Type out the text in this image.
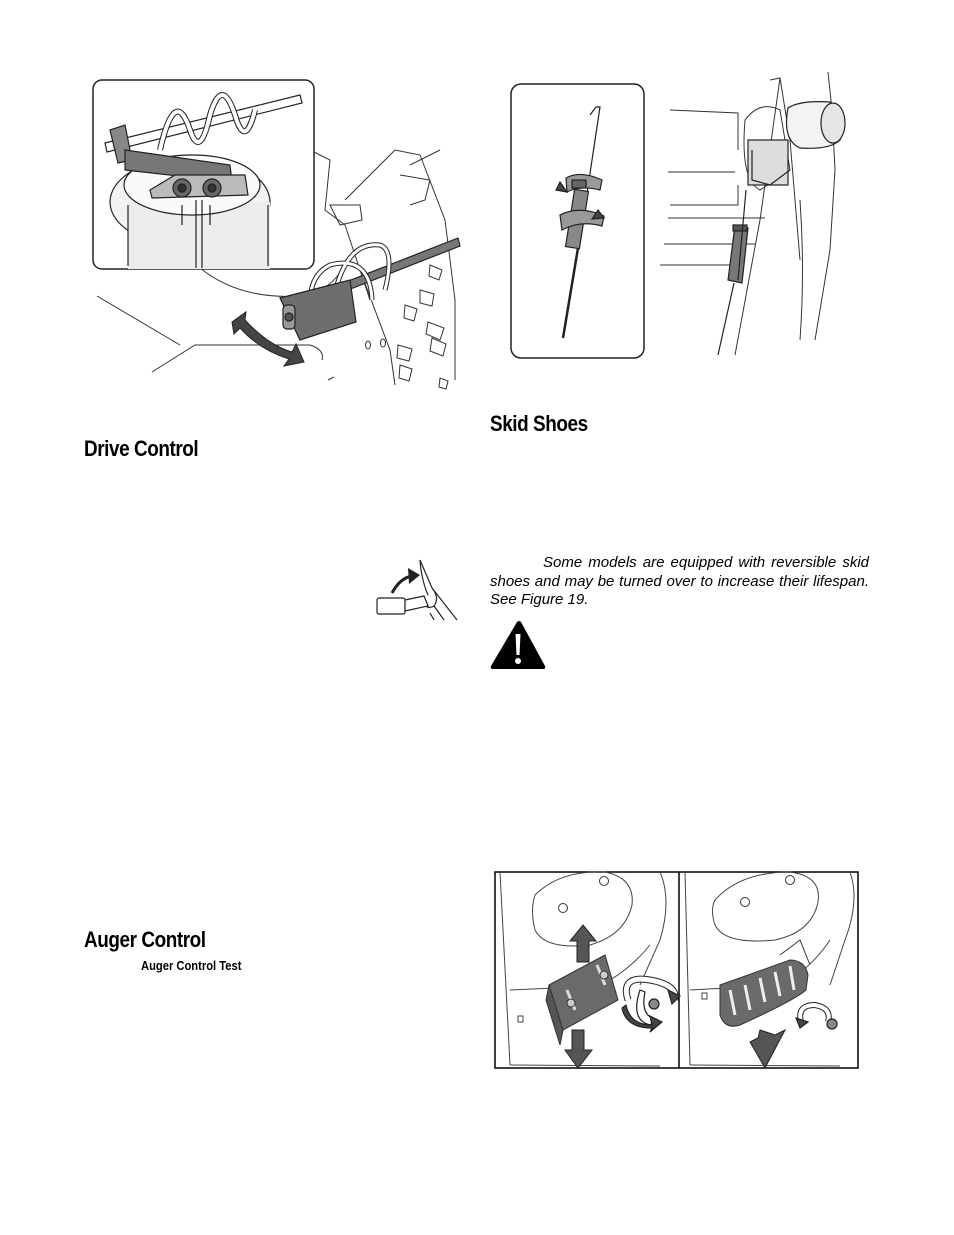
Drive Control
Skid Shoes
Auger Control
Auger Control Test
Some models are equipped with reversible skid shoes and may be turned over to increase their lifespan. See Figure 19.
